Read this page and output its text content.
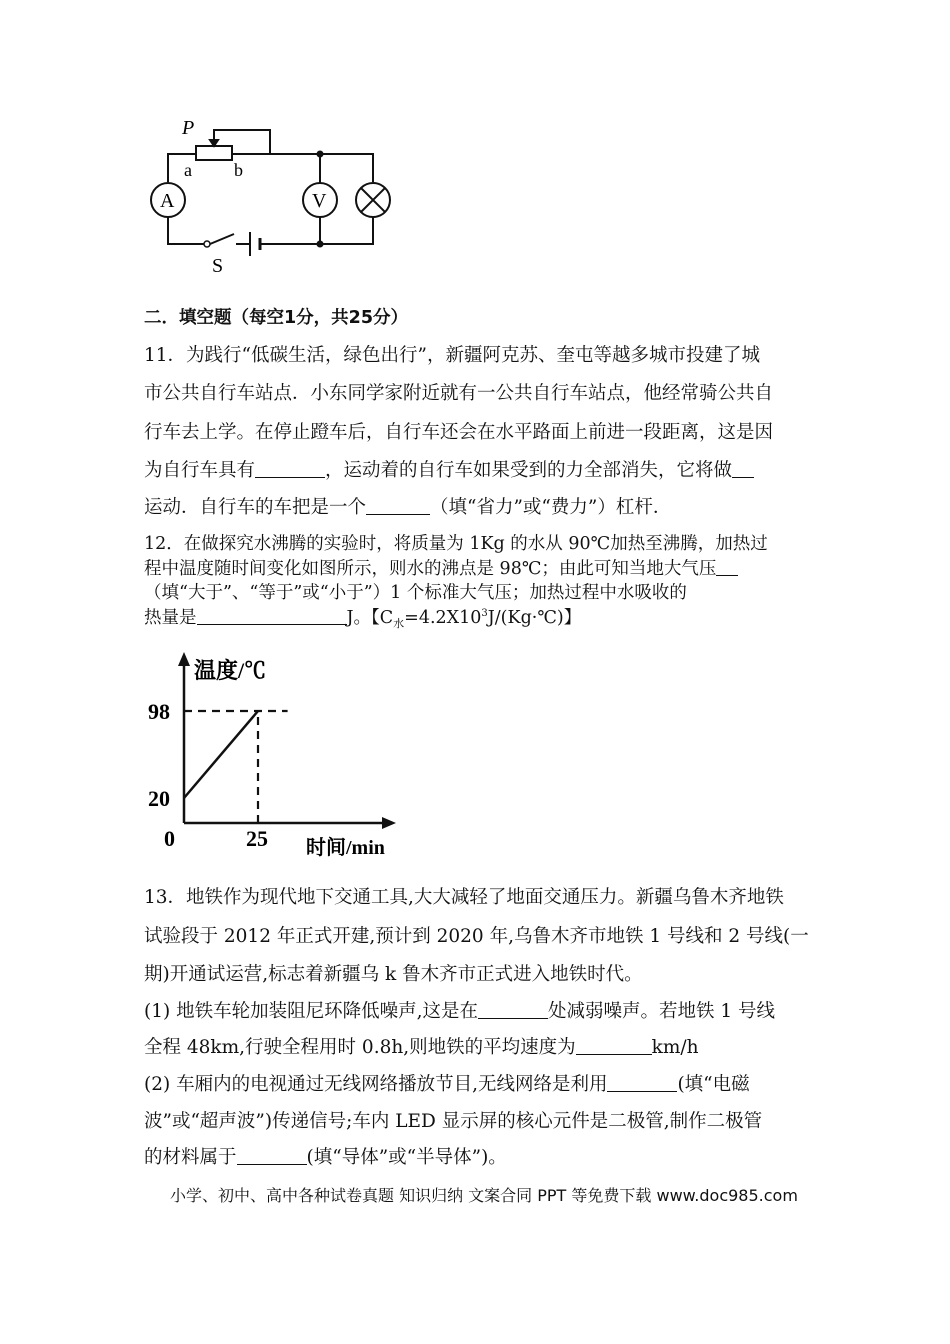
P
a b
S
A	V
二．填空题（每空1分，共25分）
11．为践行“低碳生活，绿色出行”，新疆阿克苏、奎屯等越多城市投建了城
市公共自行车站点．小东同学家附近就有一公共自行车站点，他经常骑公共自
行车去上学。在停止蹬车后，自行车还会在水平路面上前进一段距离，这是因
为自行车具有	，运动着的自行车如果受到的力全部消失，它将做
运动．自行车的车把是一个	（填“省力”或“费力”）杠杆．
12．在做探究水沸腾的实验时，将质量为 1Kg 的水从 90℃加热至沸腾，加热过
程中温度随时间变化如图所示，则水的沸点是 98℃；由此可知当地大气压
（填“大于”、“等于”或“小于”）1 个标准大气压；加热过程中水吸收的
热量是	J。【$C_水=4.2X10^3J/(Kg\cdot℃)$】
20
98
0	25
温度/℃
时间/min
13．地铁作为现代地下交通工具,大大减轻了地面交通压力。新疆乌鲁木齐地铁
试验段于 2012 年正式开建,预计到 2020 年,乌鲁木齐市地铁 1 号线和 2 号线(一
期)开通试运营,标志着新疆乌 k 鲁木齐市正式进入地铁时代。
(1) 地铁车轮加装阻尼环降低噪声,这是在	处减弱噪声。若地铁 1 号线
全程 48km,行驶全程用时 0.8h,则地铁的平均速度为	km/h
(2) 车厢内的电视通过无线网络播放节目,无线网络是利用	(填“电磁
波”或“超声波”)传递信号;车内 LED 显示屏的核心元件是二极管,制作二极管
的材料属于	(填“导体”或“半导体”)。
小学、初中、高中各种试卷真题 知识归纳 文案合同 PPT 等免费下载 www.doc985.com
